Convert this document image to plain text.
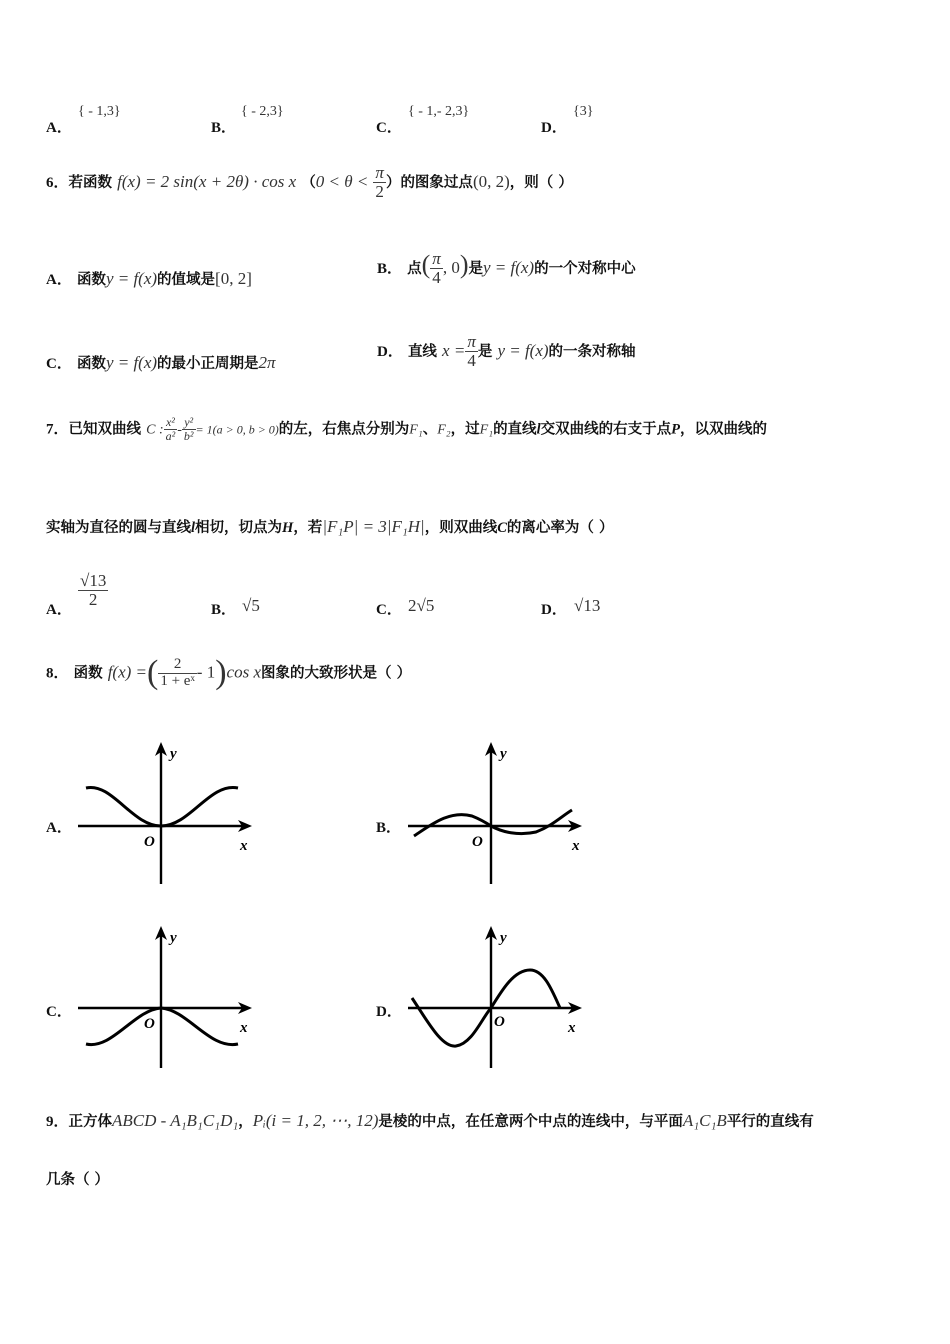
A．
{ - 1,3}
B．
{ - 2,3}
C．
{ - 1,- 2,3}
D．
{3}
6．若函数 f(x) = 2 sin(x + 2θ) · cos x （$0 < \theta < \frac{\pi}{2}$ ）的图象过点(0, 2)，则（ ）
A． 函数y = f(x)的值域是[0, 2]
B． 点( $\frac{\pi}{4}$ , 0)是y = f(x)的一个对称中心
C． 函数y = f(x)的最小正周期是2π
D． 直线 $x = \frac{\pi}{4}$ 是 y = f(x)的一条对称轴
7．已知双曲线 C : $\frac{\text{x²}}{\text{a²}} - \frac{\text{y²}}{\text{b²}} = 1(a > 0$, b > 0)的左，右焦点分别为F₁、F₂，过F₁的直线l交双曲线的右支于点P，以双曲线的
实轴为直径的圆与直线l相切，切点为H，若|F₁P| = 3|F₁H|，则双曲线C的离心率为（ ）
A．
$\frac{√13}{2}$
B． √5	C． 2√5	D． √13
8． 函数 f(x) =( $\frac{2}{\text{1 + eˣ}} - 1)\cos$ x图象的大致形状是（ ）
A．	B．
C．	D．
y
x
O
y
x
O
y
x
O
y
x
O
9．正方体ABCD - A₁B₁C₁D₁，Pᵢ(i = 1, 2, ⋯, 12)是棱的中点，在任意两个中点的连线中，与平面A₁C₁B平行的直线有
几条（ ）
